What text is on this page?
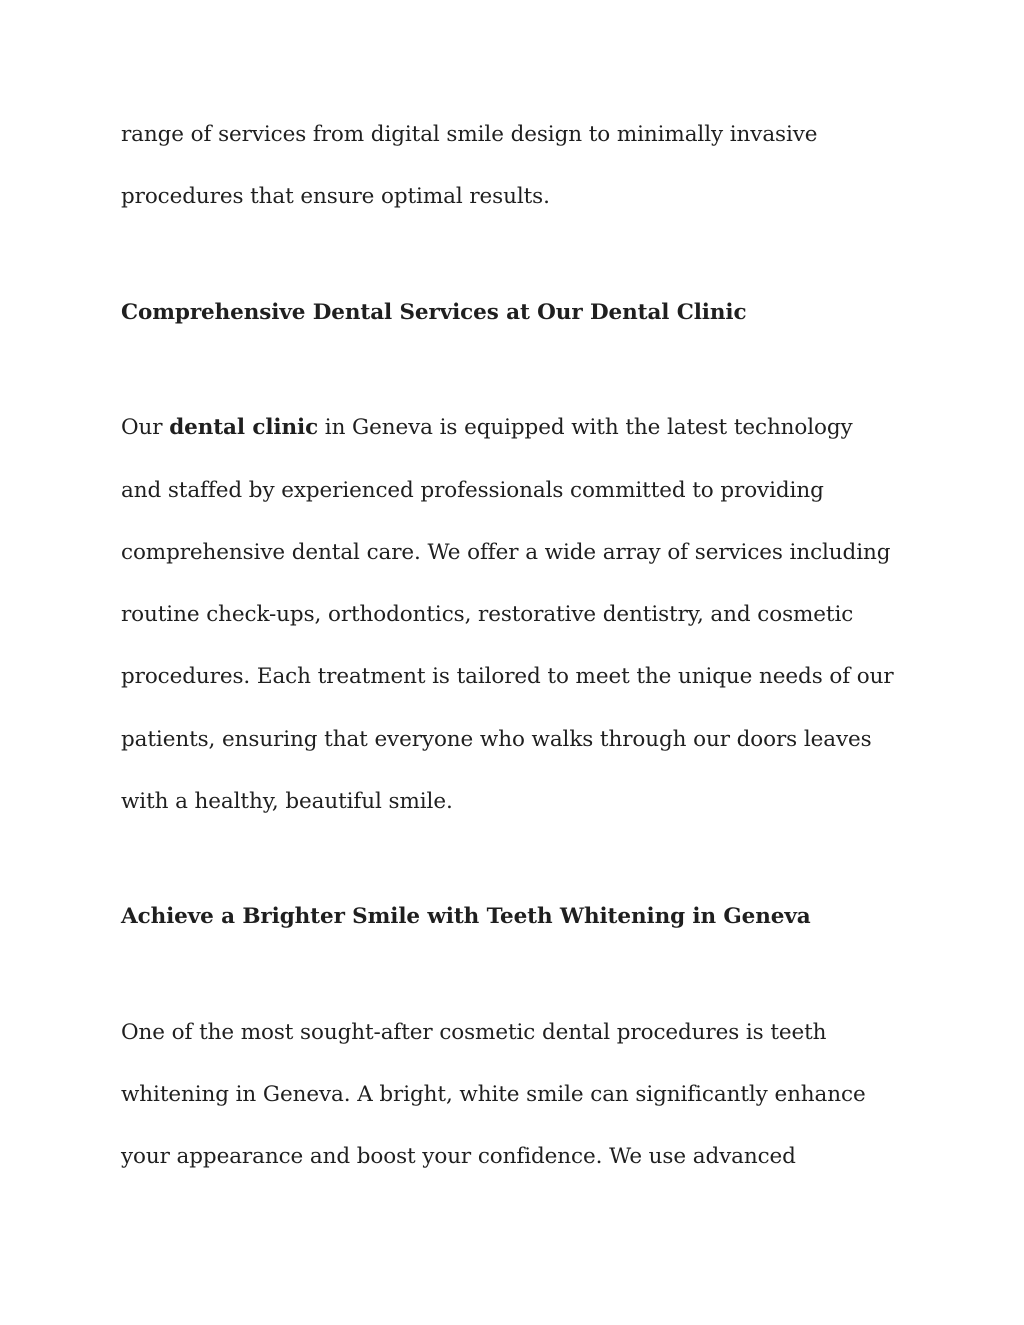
range of services from digital smile design to minimally invasive
procedures that ensure optimal results.
Comprehensive Dental Services at Our Dental Clinic
Our dental clinic in Geneva is equipped with the latest technology
and staffed by experienced professionals committed to providing
comprehensive dental care. We offer a wide array of services including
routine check-ups, orthodontics, restorative dentistry, and cosmetic
procedures. Each treatment is tailored to meet the unique needs of our
patients, ensuring that everyone who walks through our doors leaves
with a healthy, beautiful smile.
Achieve a Brighter Smile with Teeth Whitening in Geneva
One of the most sought-after cosmetic dental procedures is teeth
whitening in Geneva. A bright, white smile can significantly enhance
your appearance and boost your confidence. We use advanced
